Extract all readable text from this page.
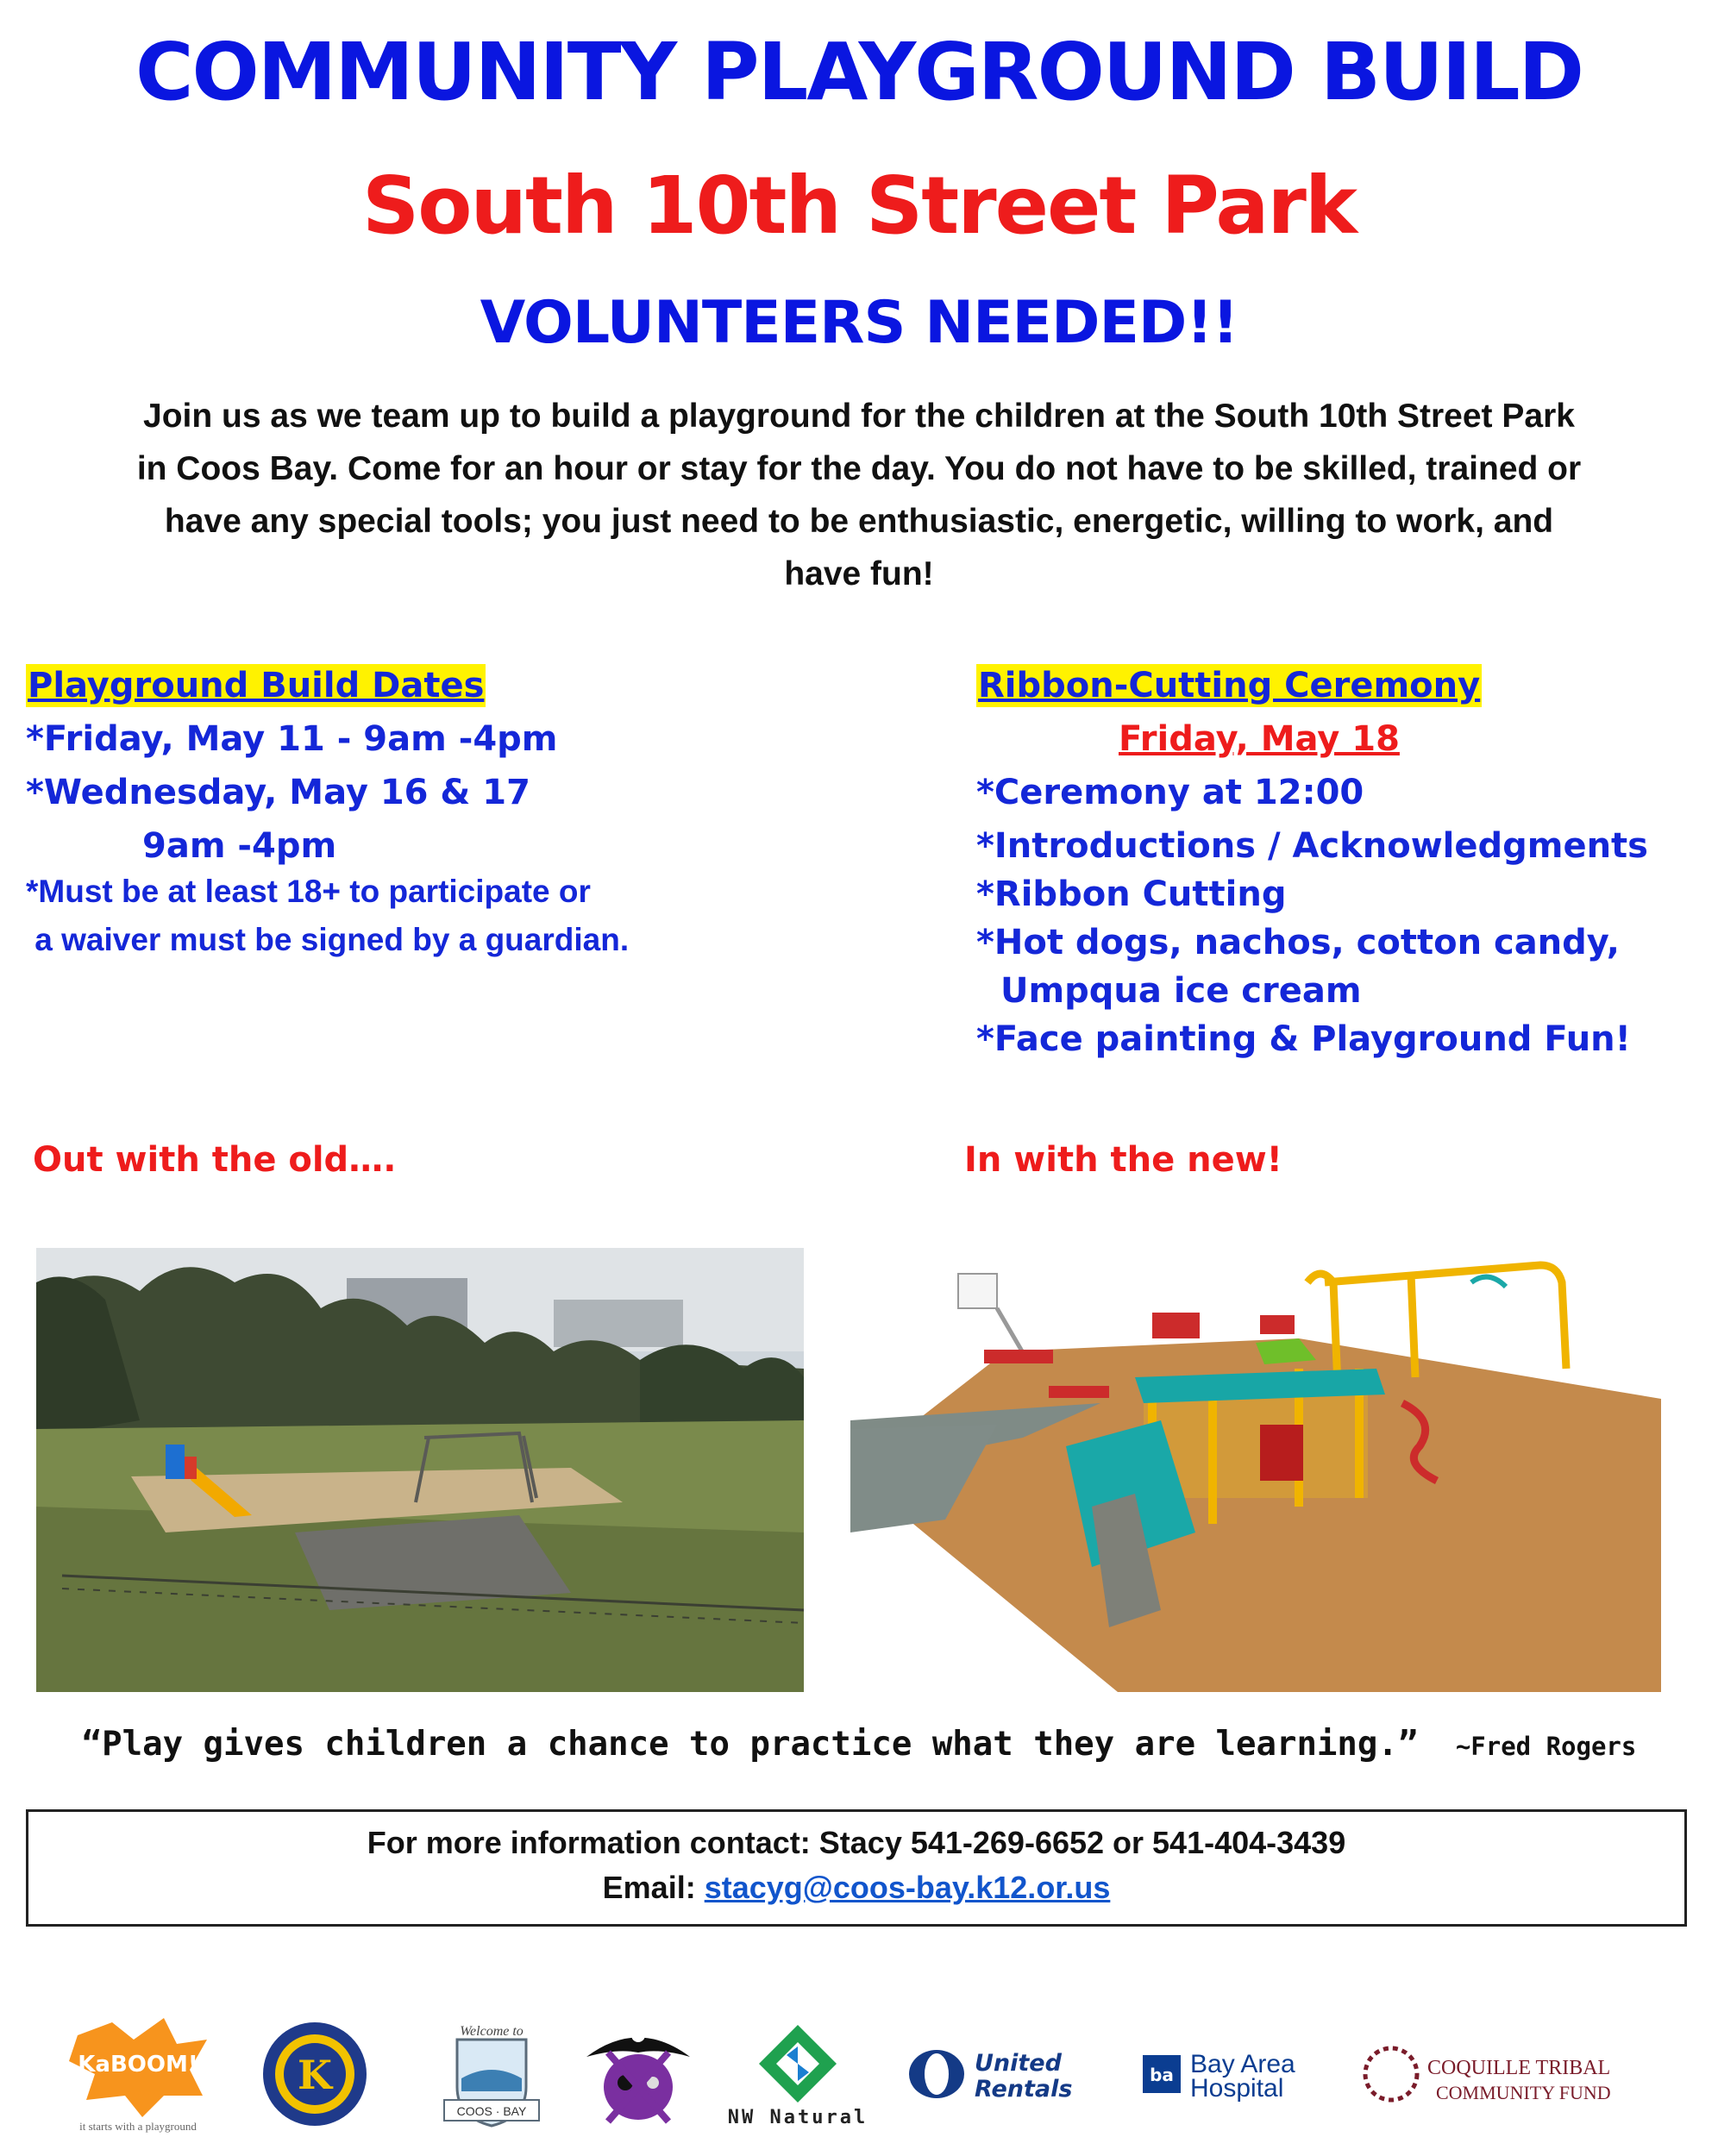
COMMUNITY PLAYGROUND BUILD
South 10th Street Park
VOLUNTEERS NEEDED!!
Join us as we team up to build a playground for the children at the South 10th Street Park
in Coos Bay. Come for an hour or stay for the day. You do not have to be skilled, trained or
have any special tools; you just need to be enthusiastic, energetic, willing to work, and
have fun!
Playground Build Dates
*Friday, May 11 - 9am -4pm
*Wednesday, May 16 & 17
9am -4pm
*Must be at least 18+ to participate or
a waiver must be signed by a guardian.
Ribbon-Cutting Ceremony
Friday, May 18
*Ceremony at 12:00
*Introductions / Acknowledgments
*Ribbon Cutting
*Hot dogs, nachos, cotton candy,
Umpqua ice cream
*Face painting & Playground Fun!
Out with the old….	In with the new!
“Play gives children a chance to practice what they are learning.” ~Fred Rogers
For more information contact: Stacy 541-269-6652 or 541-404-3439
Email: stacyg@coos-bay.k12.or.us
KaBOOM!
it starts with a playground
K
Welcome to
COOS · BAY	NW Natural
United
Rentals
ba Bay Area
Hospital
COQUILLE TRIBAL
COMMUNITY FUND
